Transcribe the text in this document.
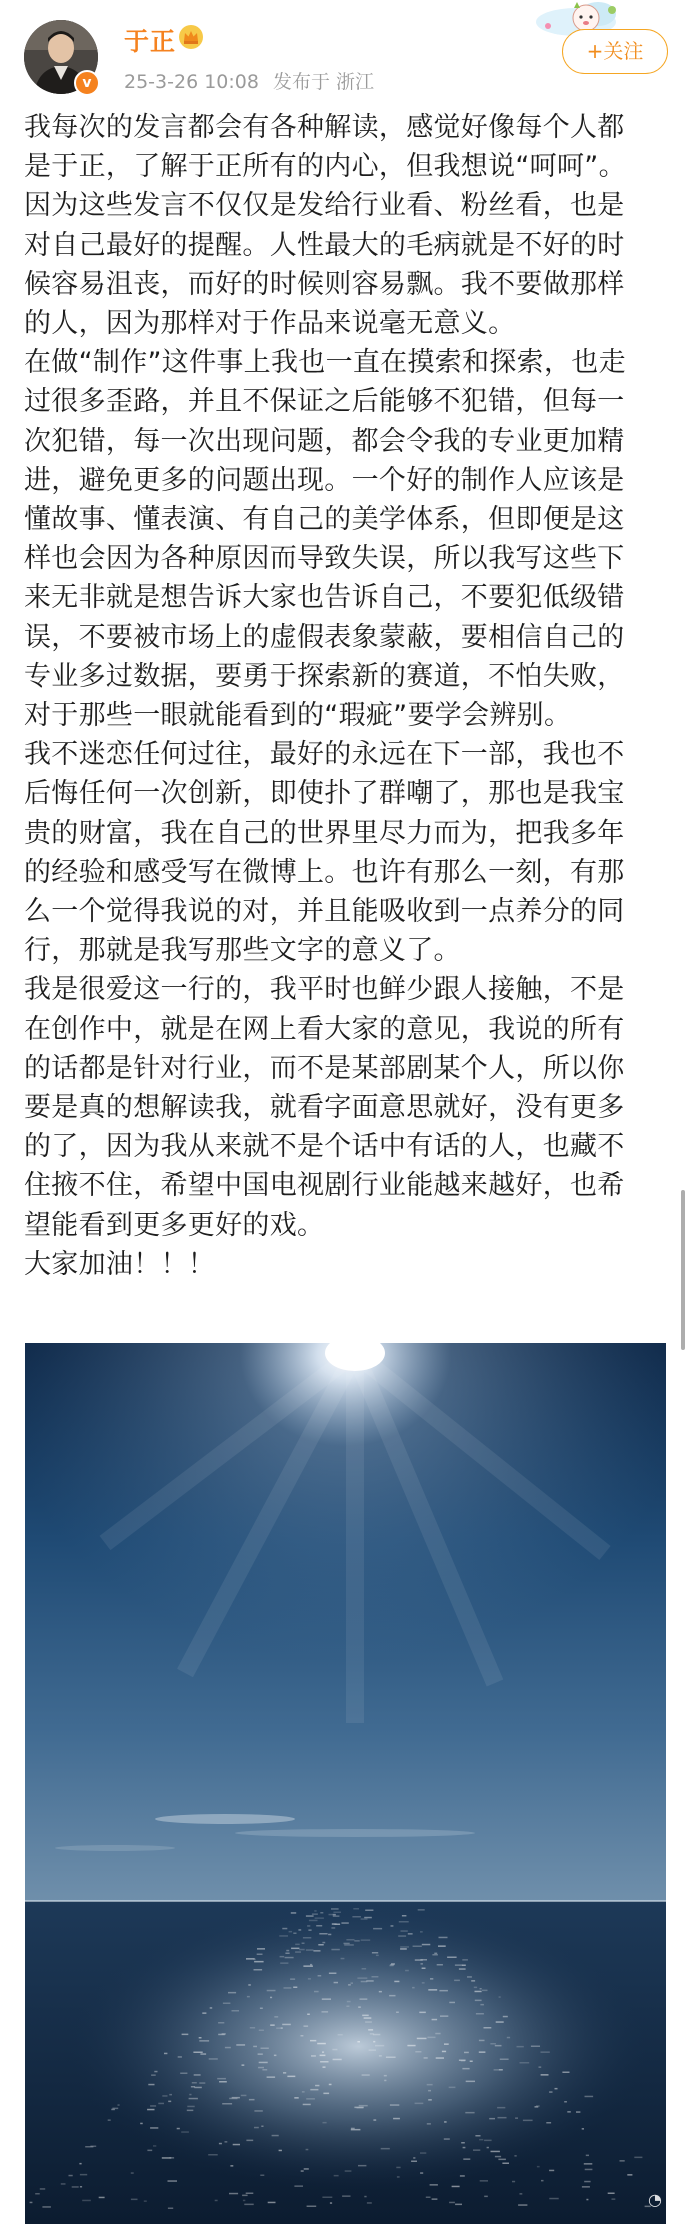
v
于正
25-3-26 10:08 发布于 浙江
+关注

我每次的发言都会有各种解读，感觉好像每个人都

是于正，了解于正所有的内心，但我想说“呵呵”。

因为这些发言不仅仅是发给行业看、粉丝看，也是

对自己最好的提醒。人性最大的毛病就是不好的时

候容易沮丧，而好的时候则容易飘。我不要做那样

的人，因为那样对于作品来说毫无意义。

在做“制作”这件事上我也一直在摸索和探索，也走

过很多歪路，并且不保证之后能够不犯错，但每一

次犯错，每一次出现问题，都会令我的专业更加精

进，避免更多的问题出现。一个好的制作人应该是

懂故事、懂表演、有自己的美学体系，但即便是这

样也会因为各种原因而导致失误，所以我写这些下

来无非就是想告诉大家也告诉自己，不要犯低级错

误，不要被市场上的虚假表象蒙蔽，要相信自己的

专业多过数据，要勇于探索新的赛道，不怕失败，

对于那些一眼就能看到的“瑕疵”要学会辨别。

我不迷恋任何过往，最好的永远在下一部，我也不

后悔任何一次创新，即使扑了群嘲了，那也是我宝

贵的财富，我在自己的世界里尽力而为，把我多年

的经验和感受写在微博上。也许有那么一刻，有那

么一个觉得我说的对，并且能吸收到一点养分的同

行，那就是我写那些文字的意义了。

我是很爱这一行的，我平时也鲜少跟人接触，不是

在创作中，就是在网上看大家的意见，我说的所有

的话都是针对行业，而不是某部剧某个人，所以你

要是真的想解读我，就看字面意思就好，没有更多

的了，因为我从来就不是个话中有话的人，也藏不

住掖不住，希望中国电视剧行业能越来越好，也希

望能看到更多更好的戏。

大家加油！！！

◔
